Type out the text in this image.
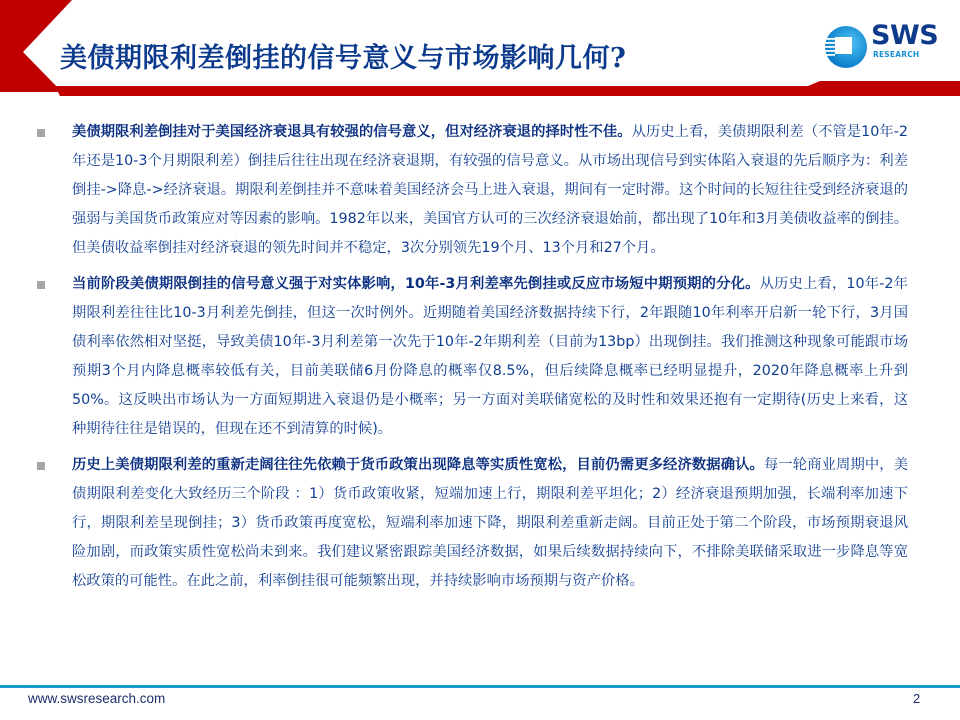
美债期限利差倒挂的信号意义与市场影响几何?
SWS
RESEARCH
美债期限利差倒挂对于美国经济衰退具有较强的信号意义，但对经济衰退的择时性不佳。从历史上看，美债期限利差（不管是10年-2年还是10-3个月期限利差）倒挂后往往出现在经济衰退期，有较强的信号意义。从市场出现信号到实体陷入衰退的先后顺序为：利差倒挂->降息->经济衰退。期限利差倒挂并不意味着美国经济会马上进入衰退，期间有一定时滞。这个时间的长短往往受到经济衰退的强弱与美国货币政策应对等因素的影响。1982年以来，美国官方认可的三次经济衰退始前，都出现了10年和3月美债收益率的倒挂。但美债收益率倒挂对经济衰退的领先时间并不稳定，3次分别领先19个月、13个月和27个月。
当前阶段美债期限倒挂的信号意义强于对实体影响，10年-3月利差率先倒挂或反应市场短中期预期的分化。从历史上看，10年-2年期限利差往往比10-3月利差先倒挂，但这一次时例外。近期随着美国经济数据持续下行，2年跟随10年利率开启新一轮下行，3月国债利率依然相对坚挺，导致美债10年-3月利差第一次先于10年-2年期利差（目前为13bp）出现倒挂。我们推测这种现象可能跟市场预期3个月内降息概率较低有关，目前美联储6月份降息的概率仅8.5%，但后续降息概率已经明显提升，2020年降息概率上升到50%。这反映出市场认为一方面短期进入衰退仍是小概率；另一方面对美联储宽松的及时性和效果还抱有一定期待(历史上来看，这种期待往往是错误的，但现在还不到清算的时候)。
历史上美债期限利差的重新走阔往往先依赖于货币政策出现降息等实质性宽松，目前仍需更多经济数据确认。每一轮商业周期中，美债期限利差变化大致经历三个阶段 ：1）货币政策收紧，短端加速上行，期限利差平坦化；2）经济衰退预期加强，长端利率加速下行，期限利差呈现倒挂；3）货币政策再度宽松，短端利率加速下降，期限利差重新走阔。目前正处于第二个阶段，市场预期衰退风险加剧，而政策实质性宽松尚未到来。我们建议紧密跟踪美国经济数据，如果后续数据持续向下，不排除美联储采取进一步降息等宽松政策的可能性。在此之前，利率倒挂很可能频繁出现，并持续影响市场预期与资产价格。
www.swsresearch.com	2
